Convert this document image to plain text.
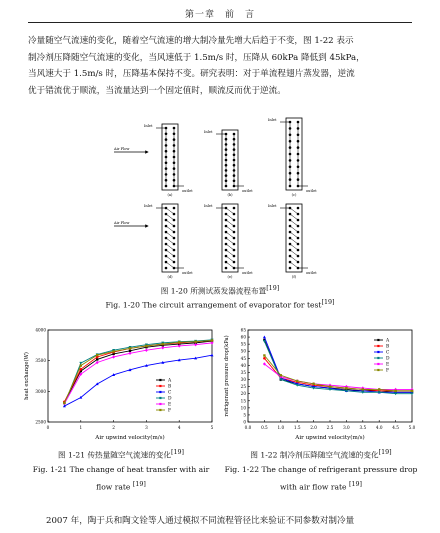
第一章　前　言
冷量随空气流速的变化，随着空气流速的增大制冷量先增大后趋于不变，图 1-22 表示
制冷剂压降随空气流速的变化，当风速低于 1.5m/s 时，压降从 60kPa 降低到 45kPa，
当风速大于 1.5m/s 时，压降基本保持不变。研究表明：对于单流程翅片蒸发器，逆流
优于错流优于顺流，当流量达到一个固定值时，顺流反而优于逆流。
Inlet
outlet
(a)
Inlet
outlet
(b)
Inlet
outlet
(c)
Inlet
outlet
(d)
Inlet
outlet
(e)
Inlet
outlet
(f)
Air Flow
Air Flow
图 1-20 所测试蒸发器流程布置[19]
Fig. 1-20 The circuit arrangement of evaporator for test[19]
0	1	2	3	4	5
2500
3000
3500
4000
Air upwind velocity(m/s)
heat exchange(W)	A
B
C
D
E
F
0.0 0.5 1.0 1.5 2.0 2.5 3.0 3.5 4.0 4.5 5.0
0
5
10
15
20
25
30
35
40
45
50
55
60
65
Air upwind velocity(m/s)
refrigerant pressure drop(kPa)	A
B
C
D
E
F
图 1-21 传热量随空气流速的变化[19]
Fig. 1-21 The change of heat transfer with air
flow rate [19]
图 1-22 制冷剂压降随空气流速的变化[19]
Fig. 1-22 The change of refrigerant pressure drop
with air flow rate [19]
2007 年，陶于兵和陶文铨等人通过模拟不同流程管径比来验证不同参数对制冷量
